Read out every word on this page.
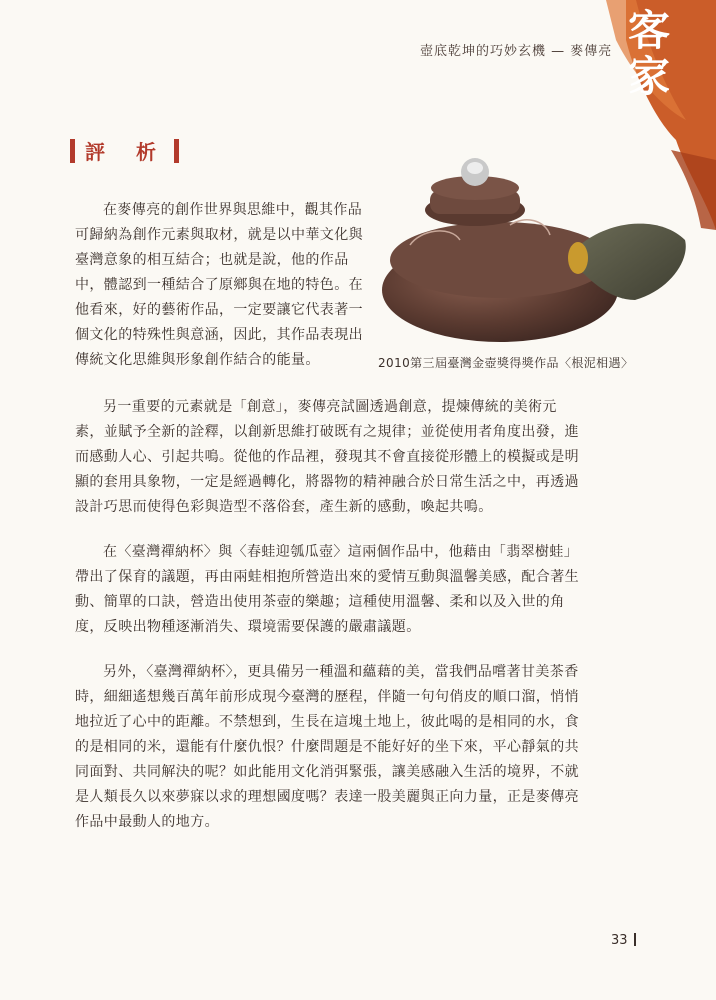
客家
壺底乾坤的巧妙玄機 — 麥傳亮
評 析
在麥傳亮的創作世界與思維中，觀其作品可歸納為創作元素與取材，就是以中華文化與臺灣意象的相互結合；也就是說，他的作品中，體認到一種結合了原鄉與在地的特色。在他看來，好的藝術作品，一定要讓它代表著一個文化的特殊性與意涵，因此，其作品表現出傳統文化思維與形象創作結合的能量。	2010第三屆臺灣金壺獎得獎作品〈根泥相遇〉
另一重要的元素就是「創意」，麥傳亮試圖透過創意，提煉傳統的美術元素，並賦予全新的詮釋，以創新思維打破既有之規律；並從使用者角度出發，進而感動人心、引起共鳴。從他的作品裡，發現其不會直接從形體上的模擬或是明顯的套用具象物，一定是經過轉化，將器物的精神融合於日常生活之中，再透過設計巧思而使得色彩與造型不落俗套，產生新的感動，喚起共鳴。
在〈臺灣禪納杯〉與〈春蛙迎瓠瓜壺〉這兩個作品中，他藉由「翡翠樹蛙」帶出了保育的議題，再由兩蛙相抱所營造出來的愛情互動與溫馨美感，配合著生動、簡單的口訣，營造出使用茶壺的樂趣；這種使用溫馨、柔和以及入世的角度，反映出物種逐漸消失、環境需要保護的嚴肅議題。
另外，〈臺灣禪納杯〉，更具備另一種溫和蘊藉的美，當我們品嚐著甘美茶香時，細細遙想幾百萬年前形成現今臺灣的歷程，伴隨一句句俏皮的順口溜，悄悄地拉近了心中的距離。不禁想到，生長在這塊土地上，彼此喝的是相同的水，食的是相同的米，還能有什麼仇恨？什麼問題是不能好好的坐下來，平心靜氣的共同面對、共同解決的呢？如此能用文化消弭緊張，讓美感融入生活的境界，不就是人類長久以來夢寐以求的理想國度嗎？表達一股美麗與正向力量，正是麥傳亮作品中最動人的地方。
33
